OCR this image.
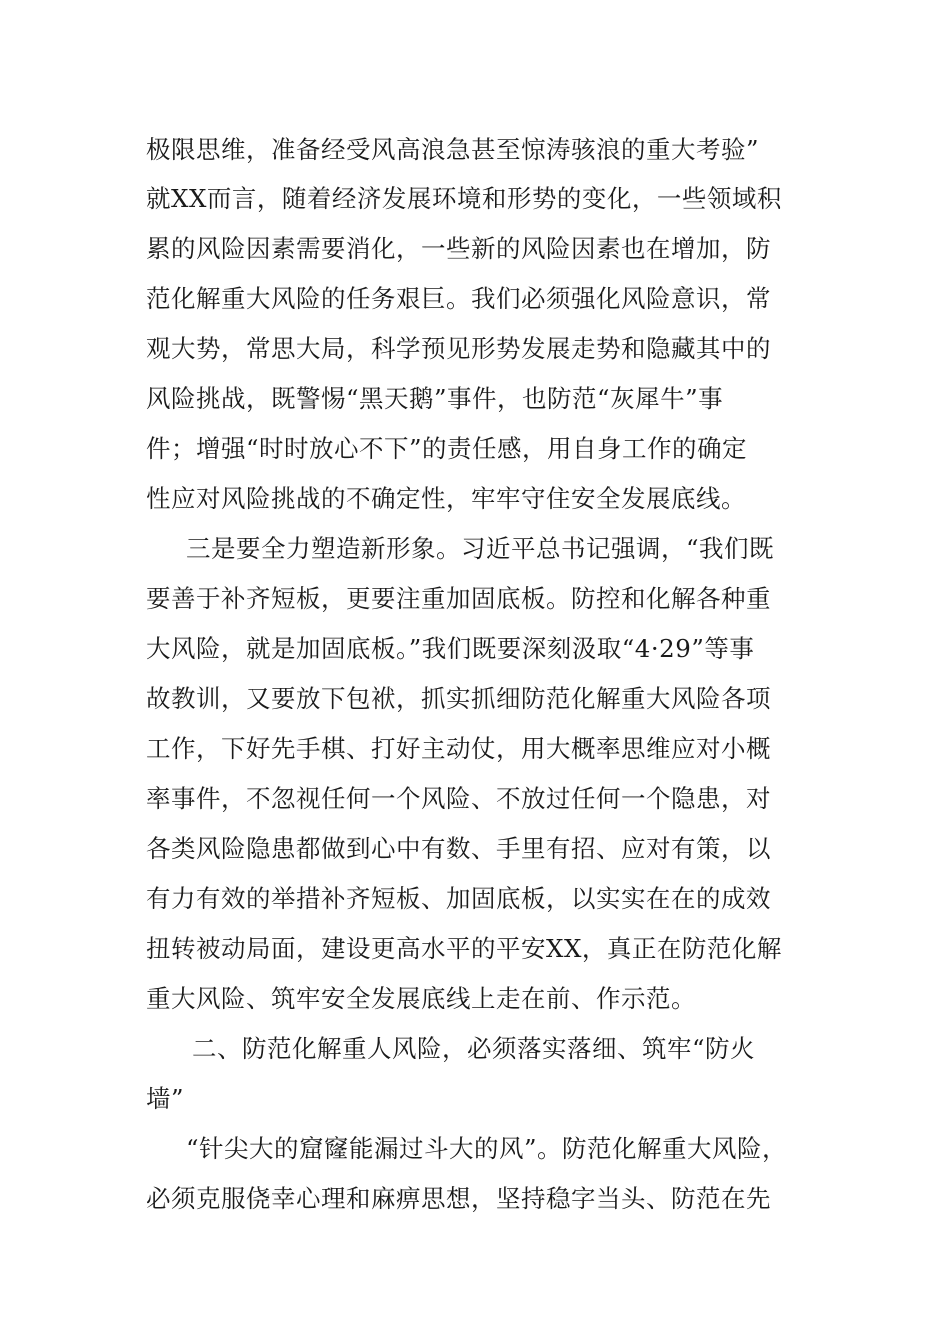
极限思维，准备经受风高浪急甚至惊涛骇浪的重大考验”
就XX而言，随着经济发展环境和形势的变化，一些领域积
累的风险因素需要消化，一些新的风险因素也在增加，防
范化解重大风险的任务艰巨。我们必须强化风险意识，常
观大势，常思大局，科学预见形势发展走势和隐藏其中的
风险挑战，既警惕“黑天鹅”事件，也防范“灰犀牛”事
件；增强“时时放心不下”的责任感，用自身工作的确定
性应对风险挑战的不确定性，牢牢守住安全发展底线。
三是要全力塑造新形象。习近平总书记强调，“我们既
要善于补齐短板，更要注重加固底板。防控和化解各种重
大风险，就是加固底板。”我们既要深刻汲取“4·29”等事
故教训，又要放下包袱，抓实抓细防范化解重大风险各项
工作，下好先手棋、打好主动仗，用大概率思维应对小概
率事件，不忽视任何一个风险、不放过任何一个隐患，对
各类风险隐患都做到心中有数、手里有招、应对有策，以
有力有效的举措补齐短板、加固底板，以实实在在的成效
扭转被动局面，建设更高水平的平安XX，真正在防范化解
重大风险、筑牢安全发展底线上走在前、作示范。
二、防范化解重人风险，必须落实落细、筑牢“防火
墙”
“针尖大的窟窿能漏过斗大的风”。防范化解重大风险，
必须克服侥幸心理和麻痹思想，坚持稳字当头、防范在先
